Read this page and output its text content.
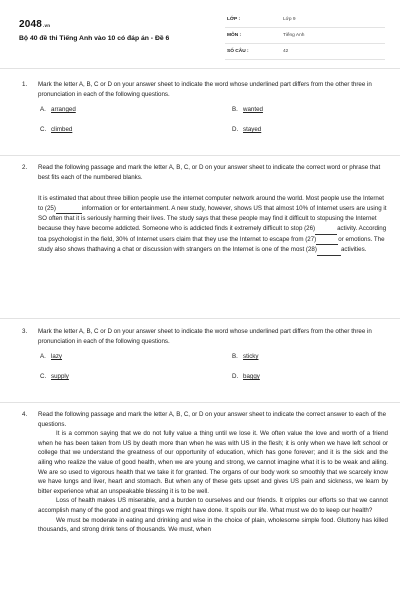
2048.vn
Bộ 40 đề thi Tiếng Anh vào 10 có đáp án - Đề 6
LỚP :	Lớp 9
MÔN :	Tiếng Anh
SỐ CÂU :	42
1. Mark the letter A, B, C or D on your answer sheet to indicate the word whose underlined part differs from the other three in pronunciation in each of the following questions.
A. arranged	B. wanted
C. climbed	D. stayed
2. Read the following passage and mark the letter A, B, C, or D on your answer sheet to indicate the correct word or phrase that best fits each of the numbered blanks.

It is estimated that about three billion people use the internet computer network around the world. Most people use the Internet to (25)	information or for entertainment. A new study, however, shows US that almost 10% of Internet users are using it SO often that it is seriously harming their lives. The study says that these people may find it difficult to stopusing the Internet because they have become addicted. Someone who is addicted finds it extremely difficult to stop (26)	activity. According toa psychologist in the field, 30% of Internet users claim that they use the Internet to escape from (27)	or emotions. The study also shows thathaving a chat or discussion with strangers on the Internet is one of the most (28)	activities.

3. Mark the letter A, B, C or D on your answer sheet to indicate the word whose underlined part differs from the other three in pronunciation in each of the following questions.
A. lazy	B. sticky
C. supply	D. baggy
4. Read the following passage and mark the letter A, B, C, or D on your answer sheet to indicate the correct answer to each of the questions.

It is a common saying that we do not fully value a thing until we lose it. We often value the love and worth of a friend when he has been taken from US by death more than when he was with US in the flesh; it is only when we have left school or college that we understand the greatness of our opportunity of education, which has gone forever; and it is the sick and the ailing who realize the value of good health, when we are young and strong, we cannot imagine what it is to be weak and ailing. We are so used to vigorous health that we take it for granted. The organs of our body work so smoothly that we scarcely know we have lungs and liver, heart and stomach. But when any of these gets upset and gives US pain and sickness, we learn by bitter experience what an unspeakable blessing it is to be well.

Loss of health makes US miserable, and a burden to ourselves and our friends. It cripples our efforts so that we cannot accomplish many of the good and great things we might have done. It spoils our life. What must we do to keep our health?

We must be moderate in eating and drinking and wise in the choice of plain, wholesome simple food. Gluttony has killed thousands, and strong drink tens of thousands. We must, when
